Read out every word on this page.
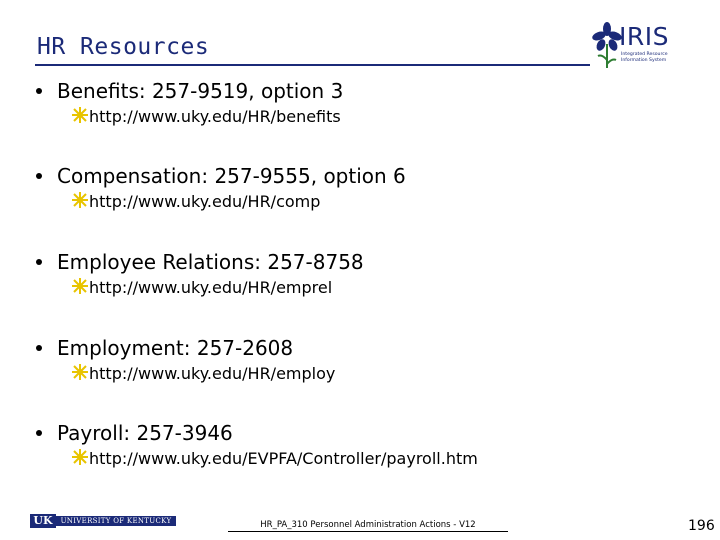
HR Resources	IRIS
Integrated Resource
Information System
Benefits: 257-9519, option 3
http://www.uky.edu/HR/benefits
Compensation: 257-9555, option 6
http://www.uky.edu/HR/comp
Employee Relations: 257-8758
http://www.uky.edu/HR/emprel
Employment: 257-2608
http://www.uky.edu/HR/employ
Payroll: 257-3946
http://www.uky.edu/EVPFA/Controller/payroll.htm
UK	UNIVERSITY OF KENTUCKY	HR_PA_310 Personnel Administration Actions - V12	196
